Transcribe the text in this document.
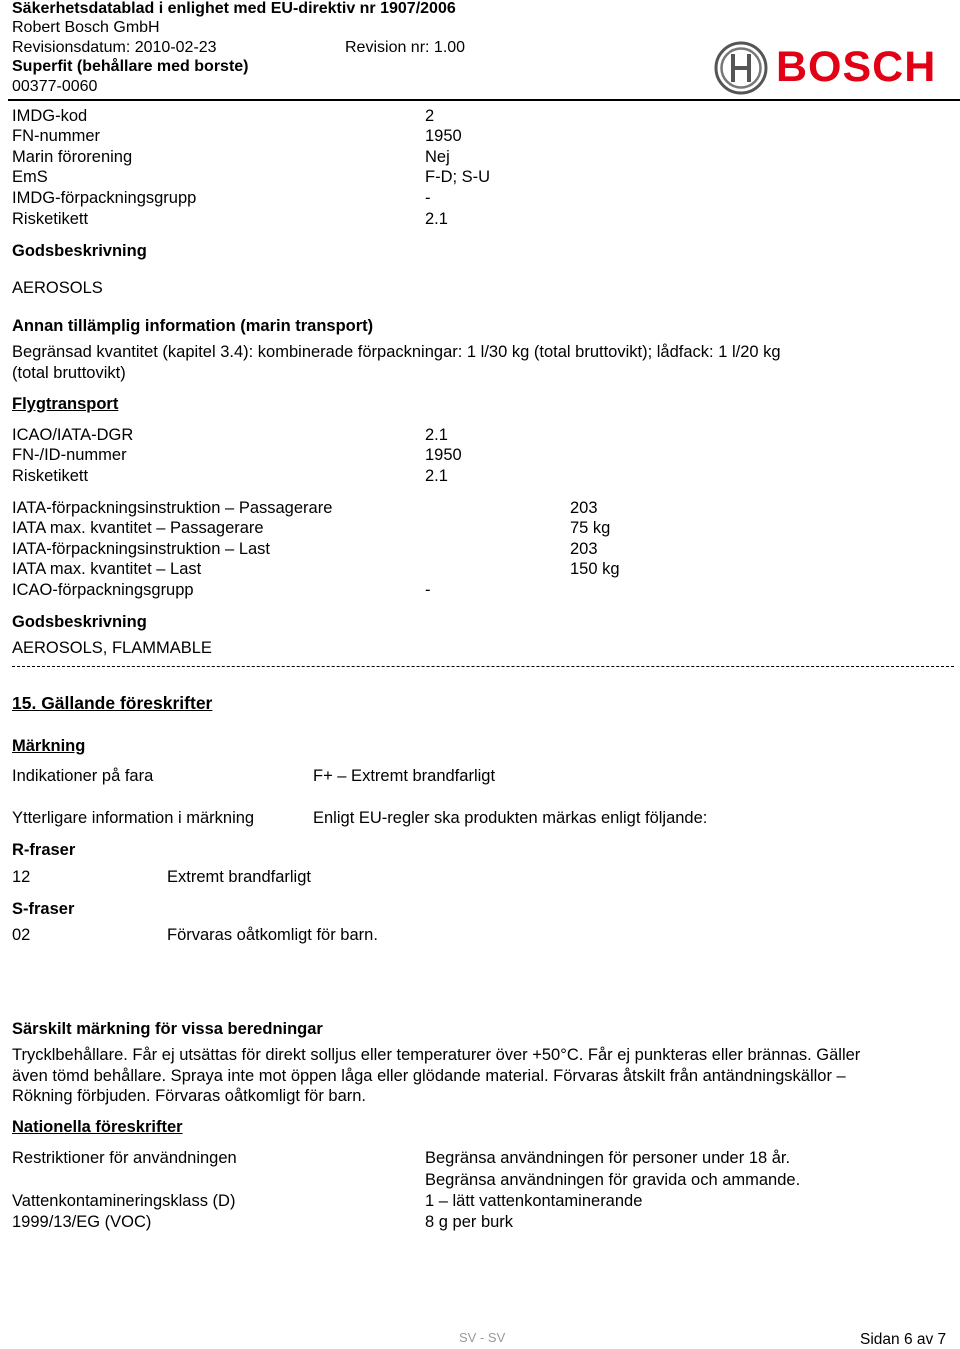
Säkerhetsdatablad i enlighet med EU-direktiv nr 1907/2006
Robert Bosch GmbH
Revisionsdatum: 2010-02-23	Revision nr: 1.00
Superfit (behållare med borste)
00377-0060	BOSCH
IMDG-kod	2
FN-nummer	1950
Marin förorening	Nej
EmS	F-D; S-U
IMDG-förpackningsgrupp	-
Risketikett	2.1
Godsbeskrivning
AEROSOLS
Annan tillämplig information (marin transport)
Begränsad kvantitet (kapitel 3.4): kombinerade förpackningar: 1 l/30 kg (total bruttovikt); lådfack: 1 l/20 kg
(total bruttovikt)
Flygtransport
ICAO/IATA-DGR	2.1
FN-/ID-nummer	1950
Risketikett	2.1
IATA-förpackningsinstruktion – Passagerare	203
IATA max. kvantitet – Passagerare	75 kg
IATA-förpackningsinstruktion – Last	203
IATA max. kvantitet – Last	150 kg
ICAO-förpackningsgrupp	-
Godsbeskrivning
AEROSOLS, FLAMMABLE
15. Gällande föreskrifter
Märkning
Indikationer på fara	F+ – Extremt brandfarligt
Ytterligare information i märkning	Enligt EU-regler ska produkten märkas enligt följande:
R-fraser
12	Extremt brandfarligt
S-fraser
02	Förvaras oåtkomligt för barn.
Särskilt märkning för vissa beredningar
Trycklbehållare. Får ej utsättas för direkt solljus eller temperaturer över +50°C. Får ej punkteras eller brännas. Gäller
även tömd behållare. Spraya inte mot öppen låga eller glödande material. Förvaras åtskilt från antändningskällor –
Rökning förbjuden. Förvaras oåtkomligt för barn.
Nationella föreskrifter
Restriktioner för användningen	Begränsa användningen för personer under 18 år.
Begränsa användningen för gravida och ammande.
Vattenkontamineringsklass (D)	1 – lätt vattenkontaminerande
1999/13/EG (VOC)	8 g per burk
SV - SV	Sidan 6 av 7
